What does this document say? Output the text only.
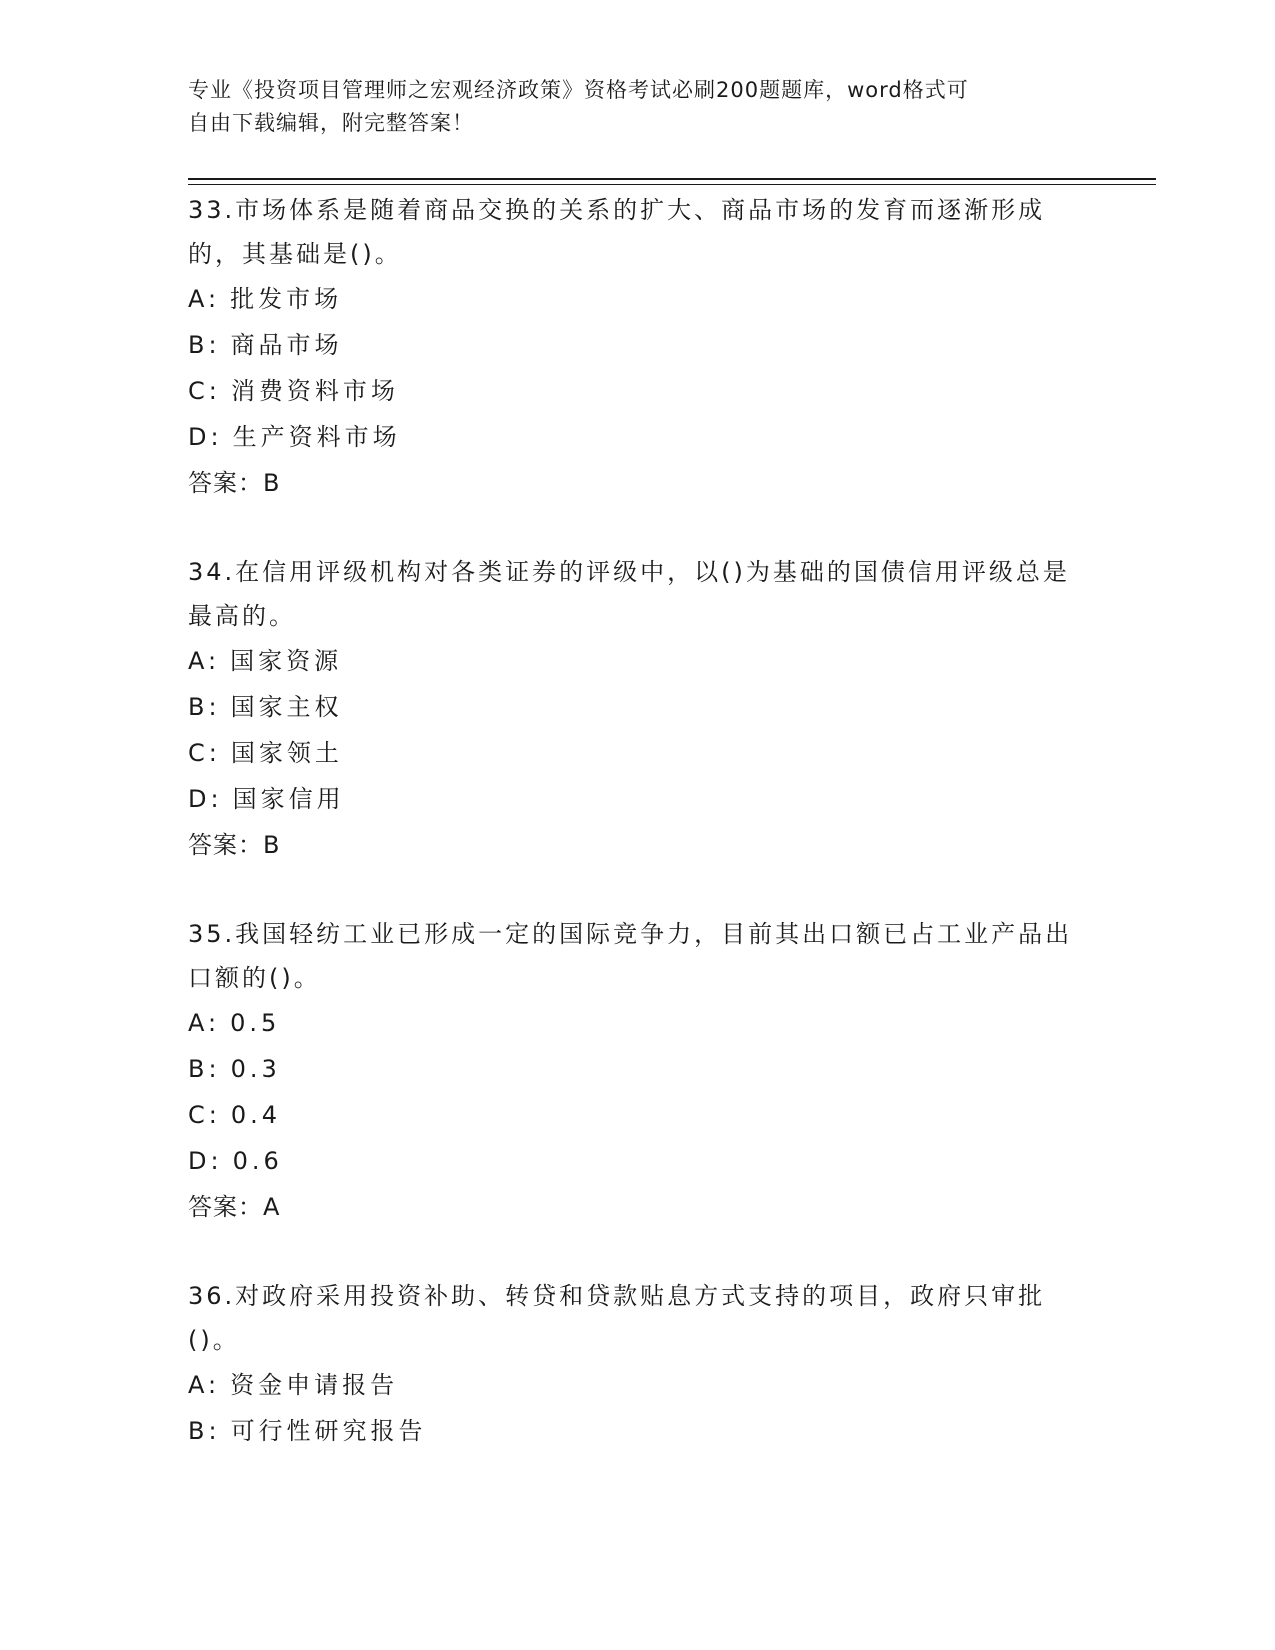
专业《投资项目管理师之宏观经济政策》资格考试必刷200题题库，word格式可
自由下载编辑，附完整答案！

33.市场体系是随着商品交换的关系的扩大、商品市场的发育而逐渐形成的，其基础是()。

A: 批发市场

B: 商品市场

C: 消费资料市场

D: 生产资料市场

答案：B

34.在信用评级机构对各类证券的评级中，以()为基础的国债信用评级总是最高的。

A: 国家资源

B: 国家主权

C: 国家领土

D: 国家信用

答案：B

35.我国轻纺工业已形成一定的国际竞争力，目前其出口额已占工业产品出口额的()。

A: 0.5

B: 0.3

C: 0.4

D: 0.6

答案：A

36.对政府采用投资补助、转贷和贷款贴息方式支持的项目，政府只审批()。

A: 资金申请报告

B: 可行性研究报告
